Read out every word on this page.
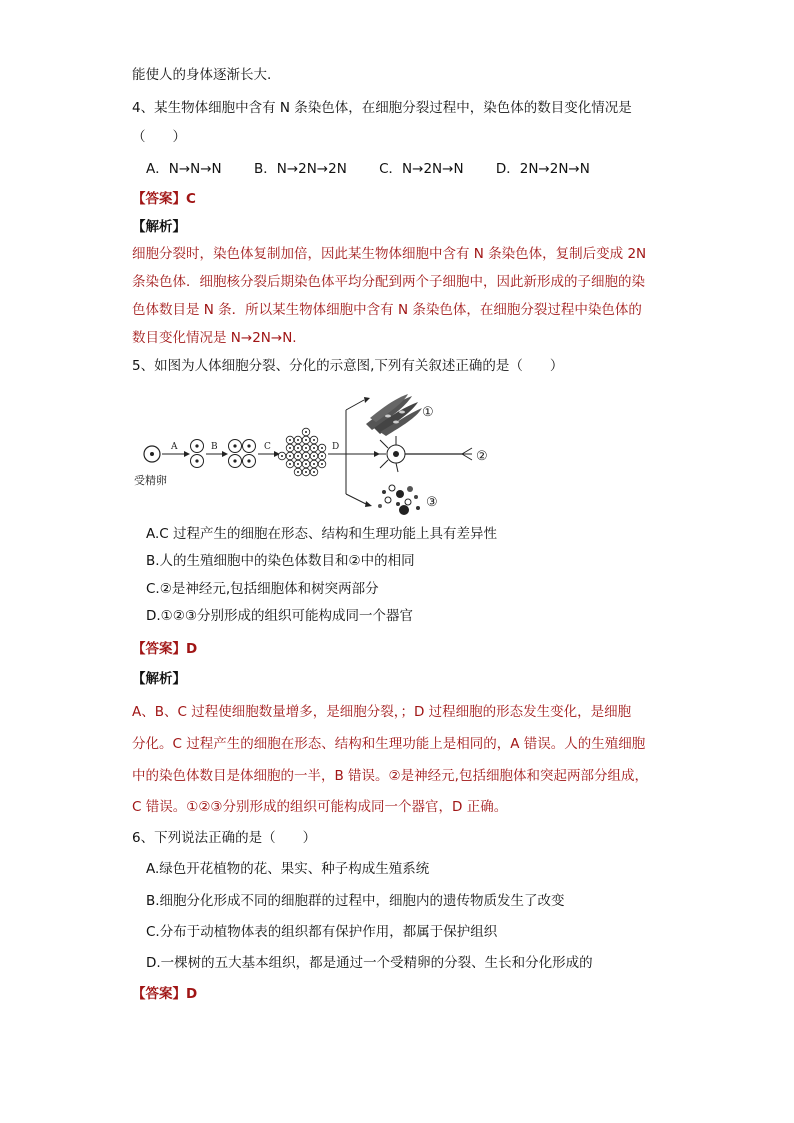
能使人的身体逐渐长大.
4、某生物体细胞中含有 N 条染色体，在细胞分裂过程中，染色体的数目变化情况是
（　　）
A．N→N→N B．N→2N→2N C．N→2N→N D．2N→2N→N
【答案】C
【解析】
细胞分裂时，染色体复制加倍，因此某生物体细胞中含有 N 条染色体，复制后变成 2N
条染色体．细胞核分裂后期染色体平均分配到两个子细胞中，因此新形成的子细胞的染
色体数目是 N 条．所以某生物体细胞中含有 N 条染色体，在细胞分裂过程中染色体的
数目变化情况是 N→2N→N.
5、如图为人体细胞分裂、分化的示意图,下列有关叙述正确的是（　　）
A	B	C	D
①
②
③
受精卵
A.C 过程产生的细胞在形态、结构和生理功能上具有差异性
B.人的生殖细胞中的染色体数目和②中的相同
C.②是神经元,包括细胞体和树突两部分
D.①②③分别形成的组织可能构成同一个器官
【答案】D
【解析】
A、B、C 过程使细胞数量增多，是细胞分裂，；D 过程细胞的形态发生变化，是细胞
分化。C 过程产生的细胞在形态、结构和生理功能上是相同的，A 错误。人的生殖细胞
中的染色体数目是体细胞的一半，B 错误。②是神经元,包括细胞体和突起两部分组成，
C 错误。①②③分别形成的组织可能构成同一个器官，D 正确。
6、下列说法正确的是（　　）
A.绿色开花植物的花、果实、种子构成生殖系统
B.细胞分化形成不同的细胞群的过程中，细胞内的遗传物质发生了改变
C.分布于动植物体表的组织都有保护作用，都属于保护组织
D.一棵树的五大基本组织，都是通过一个受精卵的分裂、生长和分化形成的
【答案】D
